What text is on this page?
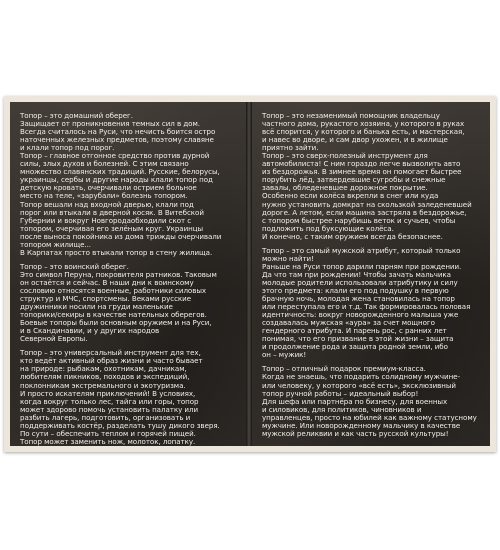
Топор – это домашний оберег.
Защищает от проникновения темных сил в дом.
Всегда считалось на Руси, что нечисть боится остро
наточенных железных предметов, поэтому славяне
и клали топор под порог.
Топор – главное отгонное средство против дурной
силы, злых духов и болезней. С этим связано
множество славянских традиций. Русские, белорусы,
украинцы, сербы и другие народы клали топор под
детскую кровать, очерчивали острием больное
место на теле, «зарубали» болезнь топором.
Топор вешали над входной дверью, клали под
порог или втыкали в дверной косяк. В Витебской
Губернии и вокруг Новгородаобходили скот с
топором, очерчивая его зелёным круг. Украинцы
после выноса покойника из дома трижды очерчивали
топором жилище...
В Карпатах просто втыкали топор в стену жилища.

Топор – это воинский оберег.
Это символ Перуна, покровителя ратников. Таковым
он остаётся и сейчас. В наши дни к воинскому
сословию относятся военные, работники силовых
структур и МЧС, спортсмены. Веками русские
дружинники носили на груди маленькие
топорики/секиры в качестве нательных оберегов.
Боевые топоры были основным оружием и на Руси,
и в Скандинавии, и у других народов
Северной Европы.

Топор – это универсальный инструмент для тех,
кто ведёт активный образ жизни и часто бывает
на природе: рыбакам, охотникам, дачникам,
любителям пикников, походов и экспедиций,
поклонникам экстремального и экотуризма.
И просто искателям приключений! В условиях,
когда вокруг только лес, тайга или горы, топор
может здорово помочь установить палатку или
разбить лагерь, подготовить, организовать и
поддерживать костёр, разделать тушу дикого зверя.
По сути – обеспечить теплом и горячей пищей.
Топор может заменить нож, молоток, лопатку.

Топор – это незаменимый помощник владельцу
частного дома, рукастого хозяина, у которого в руках
всё спорится, у которого и банька есть, и мастерская,
и навес во дворе, и сам двор ухожен, и в жилище
приятно зайти.
Топор – это сверх-полезный инструмент для
автомобилиста! С ним гораздо легче вызволить авто
из бездорожья. В зимнее время он помогает быстрее
порубить лёд, затвердевшие сугробы и снежные
завалы, обледеневшее дорожное покрытие.
Особенно если колёса вкрепли в снег или куда
нужно установить домкрат на скользкой заледеневшей
дороге. А летом, если машина застряла в бездорожье,
с топором быстрее нарубишь веток и сучьев, чтобы
подложить под буксующие колёса.
И конечно, с таким оружием всегда безопаснее.

Топор – это самый мужской атрибут, который только
можно найти!
Раньше на Руси топор дарили парням при рождении.
Да что там при рождении! Чтобы зачать мальчика
молодые родители использовали атрибутику и силу
этого предмета: клали его под подушку в первую
брачную ночь, молодая жена становилась на топор
или переступала его и т.д. Так формировалась половая
идентичность: вокруг новорожденного малыша уже
создавалась мужская «аура» за счет мощного
гендерного атрибута. И парень рос, с ранних лет
понимая, что его призвание в этой жизни – защита
и продолжение рода и защита родной земли, ибо
он – мужик!

Топор – отличный подарок премиум-класса.
Когда не знаешь, что подарить солидному мужчине-
или человеку, у которого «всё есть», эксклюзивный
топор ручной работы – идеальный выбор!
Для шефа или партнёра по бизнесу, для военных
и силовиков, для политиков, чиновников и
управленцев, просто на юбилей как важному статусному
мужчине. Или новорожденному мальчику в качестве
мужской реликвии и как часть русской культуры!
